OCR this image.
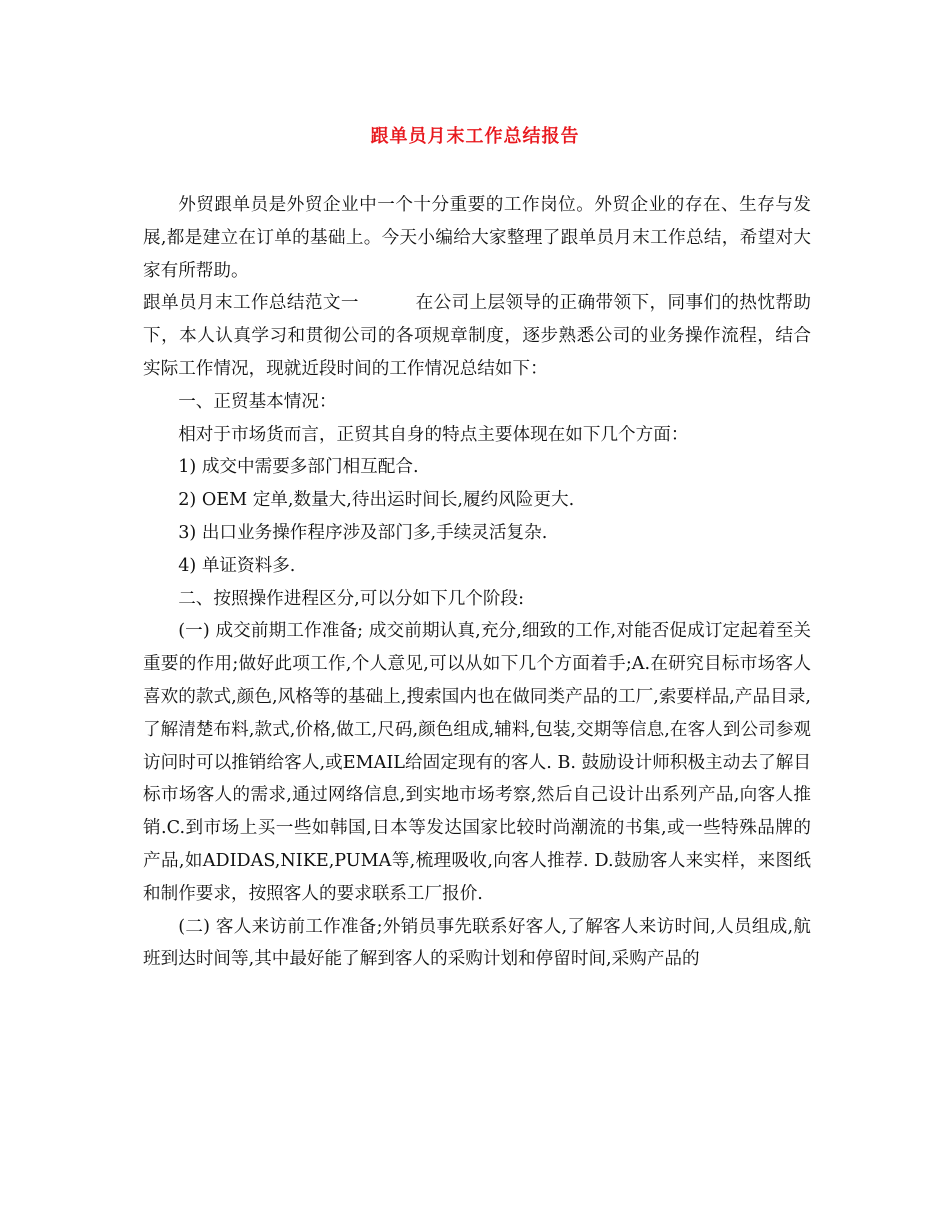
跟单员月末工作总结报告

外贸跟单员是外贸企业中一个十分重要的工作岗位。外贸企业的存在、生存与发展,都是建立在订单的基础上。今天小编给大家整理了跟单员月末工作总结，希望对大家有所帮助。

跟单员月末工作总结范文一	在公司上层领导的正确带领下，同事们的热忱帮助下，本人认真学习和贯彻公司的各项规章制度，逐步熟悉公司的业务操作流程，结合实际工作情况，现就近段时间的工作情况总结如下：

一、正贸基本情况：

相对于市场货而言，正贸其自身的特点主要体现在如下几个方面：

1) 成交中需要多部门相互配合.

2) OEM 定单,数量大,待出运时间长,履约风险更大.

3) 出口业务操作程序涉及部门多,手续灵活复杂.

4) 单证资料多.

二、按照操作进程区分,可以分如下几个阶段:

(一) 成交前期工作准备; 成交前期认真,充分,细致的工作,对能否促成订定起着至关重要的作用;做好此项工作,个人意见,可以从如下几个方面着手;A.在研究目标市场客人喜欢的款式,颜色,风格等的基础上,搜索国内也在做同类产品的工厂,索要样品,产品目录,了解清楚布料,款式,价格,做工,尺码,颜色组成,辅料,包装,交期等信息,在客人到公司参观访问时可以推销给客人,或EMAIL给固定现有的客人. B. 鼓励设计师积极主动去了解目标市场客人的需求,通过网络信息,到实地市场考察,然后自己设计出系列产品,向客人推销.C.到市场上买一些如韩国,日本等发达国家比较时尚潮流的书集,或一些特殊品牌的产品,如ADIDAS,NIKE,PUMA等,梳理吸收,向客人推荐. D.鼓励客人来实样，来图纸和制作要求，按照客人的要求联系工厂报价.

(二) 客人来访前工作准备;外销员事先联系好客人,了解客人来访时间,人员组成,航班到达时间等,其中最好能了解到客人的采购计划和停留时间,采购产品的
